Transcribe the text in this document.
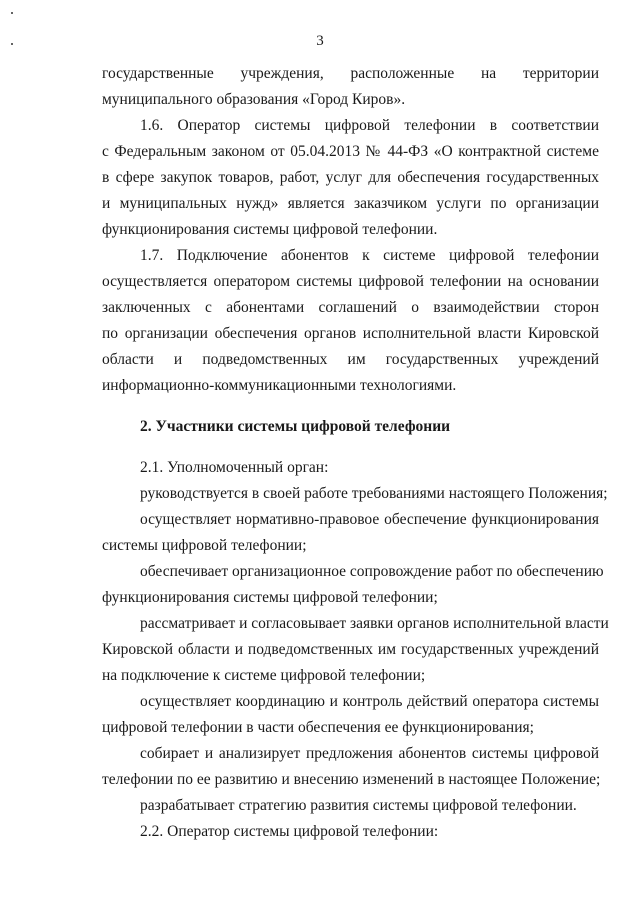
3
государственные учреждения, расположенные на территории
муниципального образования «Город Киров».
1.6. Оператор системы цифровой телефонии в соответствии
с Федеральным законом от 05.04.2013 № 44-ФЗ «О контрактной системе
в сфере закупок товаров, работ, услуг для обеспечения государственных
и муниципальных нужд» является заказчиком услуги по организации
функционирования системы цифровой телефонии.
1.7. Подключение абонентов к системе цифровой телефонии
осуществляется оператором системы цифровой телефонии на основании
заключенных с абонентами соглашений о взаимодействии сторон
по организации обеспечения органов исполнительной власти Кировской
области и подведомственных им государственных учреждений
информационно-коммуникационными технологиями.
2. Участники системы цифровой телефонии
2.1. Уполномоченный орган:
руководствуется в своей работе требованиями настоящего Положения;
осуществляет нормативно-правовое обеспечение функционирования
системы цифровой телефонии;
обеспечивает организационное сопровождение работ по обеспечению
функционирования системы цифровой телефонии;
рассматривает и согласовывает заявки органов исполнительной власти
Кировской области и подведомственных им государственных учреждений
на подключение к системе цифровой телефонии;
осуществляет координацию и контроль действий оператора системы
цифровой телефонии в части обеспечения ее функционирования;
собирает и анализирует предложения абонентов системы цифровой
телефонии по ее развитию и внесению изменений в настоящее Положение;
разрабатывает стратегию развития системы цифровой телефонии.
2.2. Оператор системы цифровой телефонии:
